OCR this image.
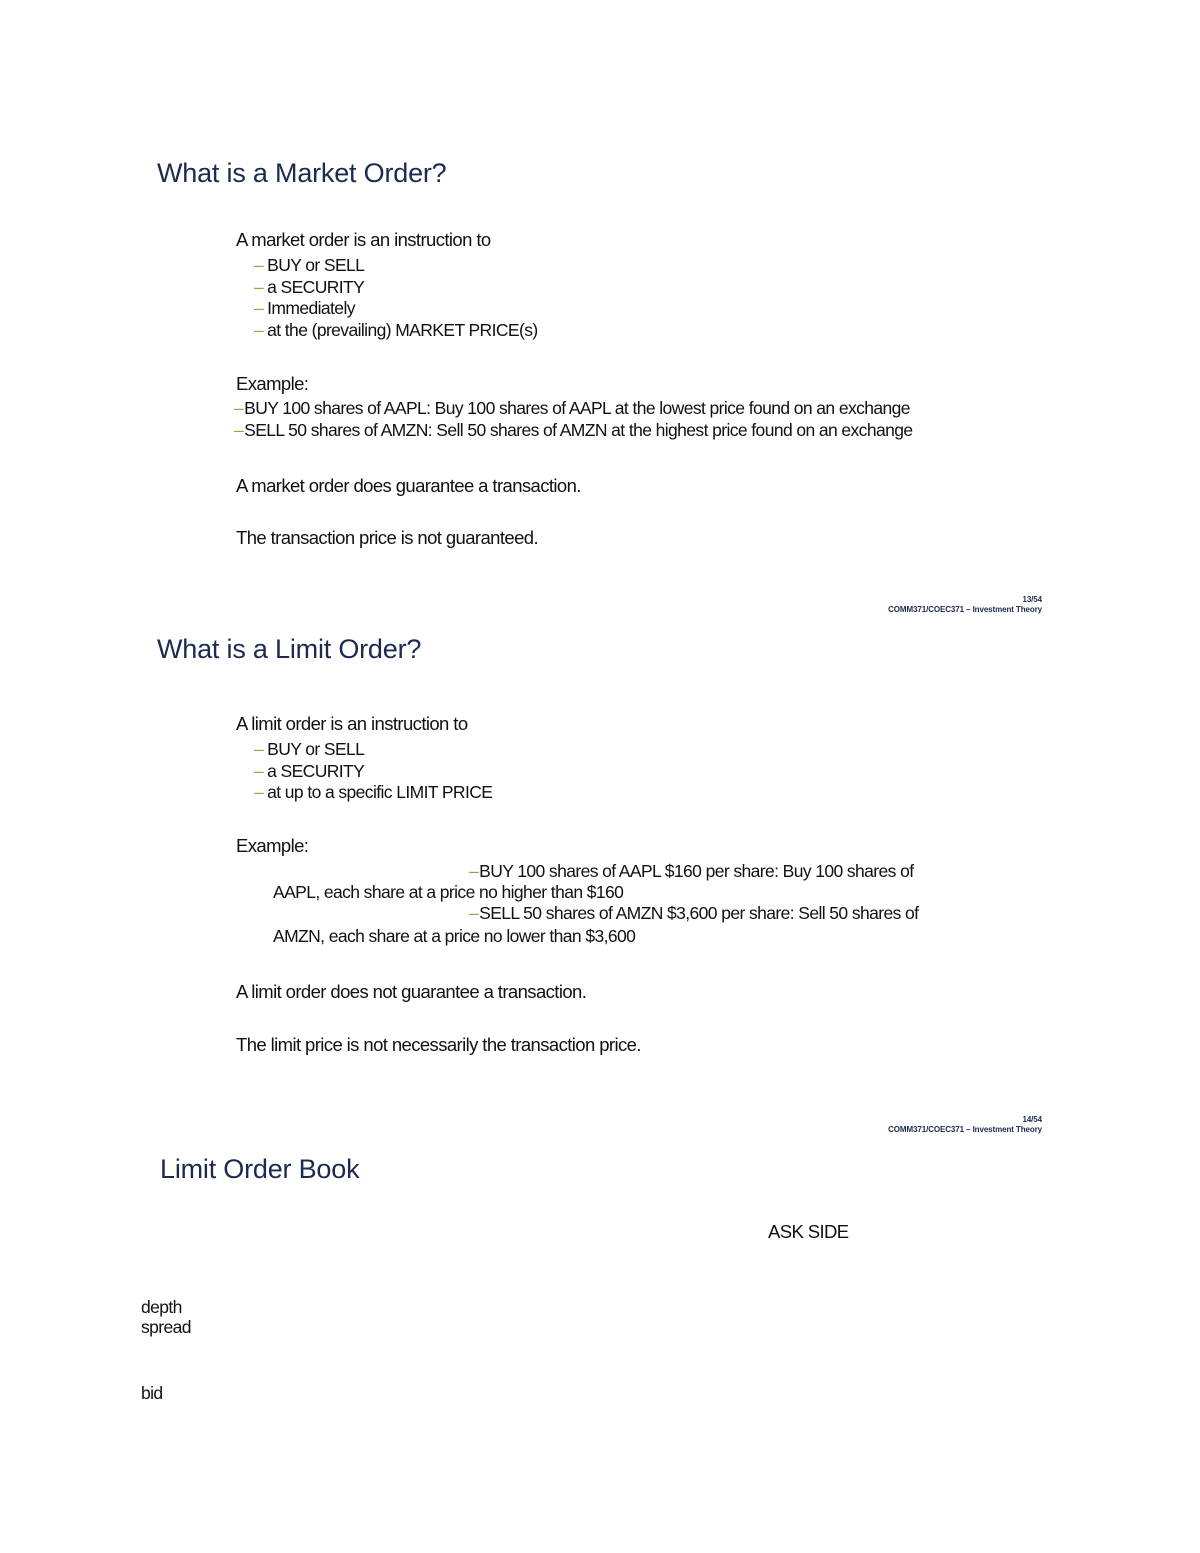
What is a Market Order?
A market order is an instruction to
– BUY or SELL
– a SECURITY
– Immediately
– at the (prevailing) MARKET PRICE(s)
Example:
–BUY 100 shares of AAPL: Buy 100 shares of AAPL at the lowest price found on an exchange
–SELL 50 shares of AMZN: Sell 50 shares of AMZN at the highest price found on an exchange
A market order does guarantee a transaction.
The transaction price is not guaranteed.
13/54
COMM371/COEC371 – Investment Theory
What is a Limit Order?
A limit order is an instruction to
– BUY or SELL
– a SECURITY
– at up to a specific LIMIT PRICE
Example:
–BUY 100 shares of AAPL $160 per share: Buy 100 shares of
AAPL, each share at a price no higher than $160
–SELL 50 shares of AMZN $3,600 per share: Sell 50 shares of
AMZN, each share at a price no lower than $3,600
A limit order does not guarantee a transaction.
The limit price is not necessarily the transaction price.
14/54
COMM371/COEC371 – Investment Theory
Limit Order Book
ASK SIDE
depth
spread
bid
